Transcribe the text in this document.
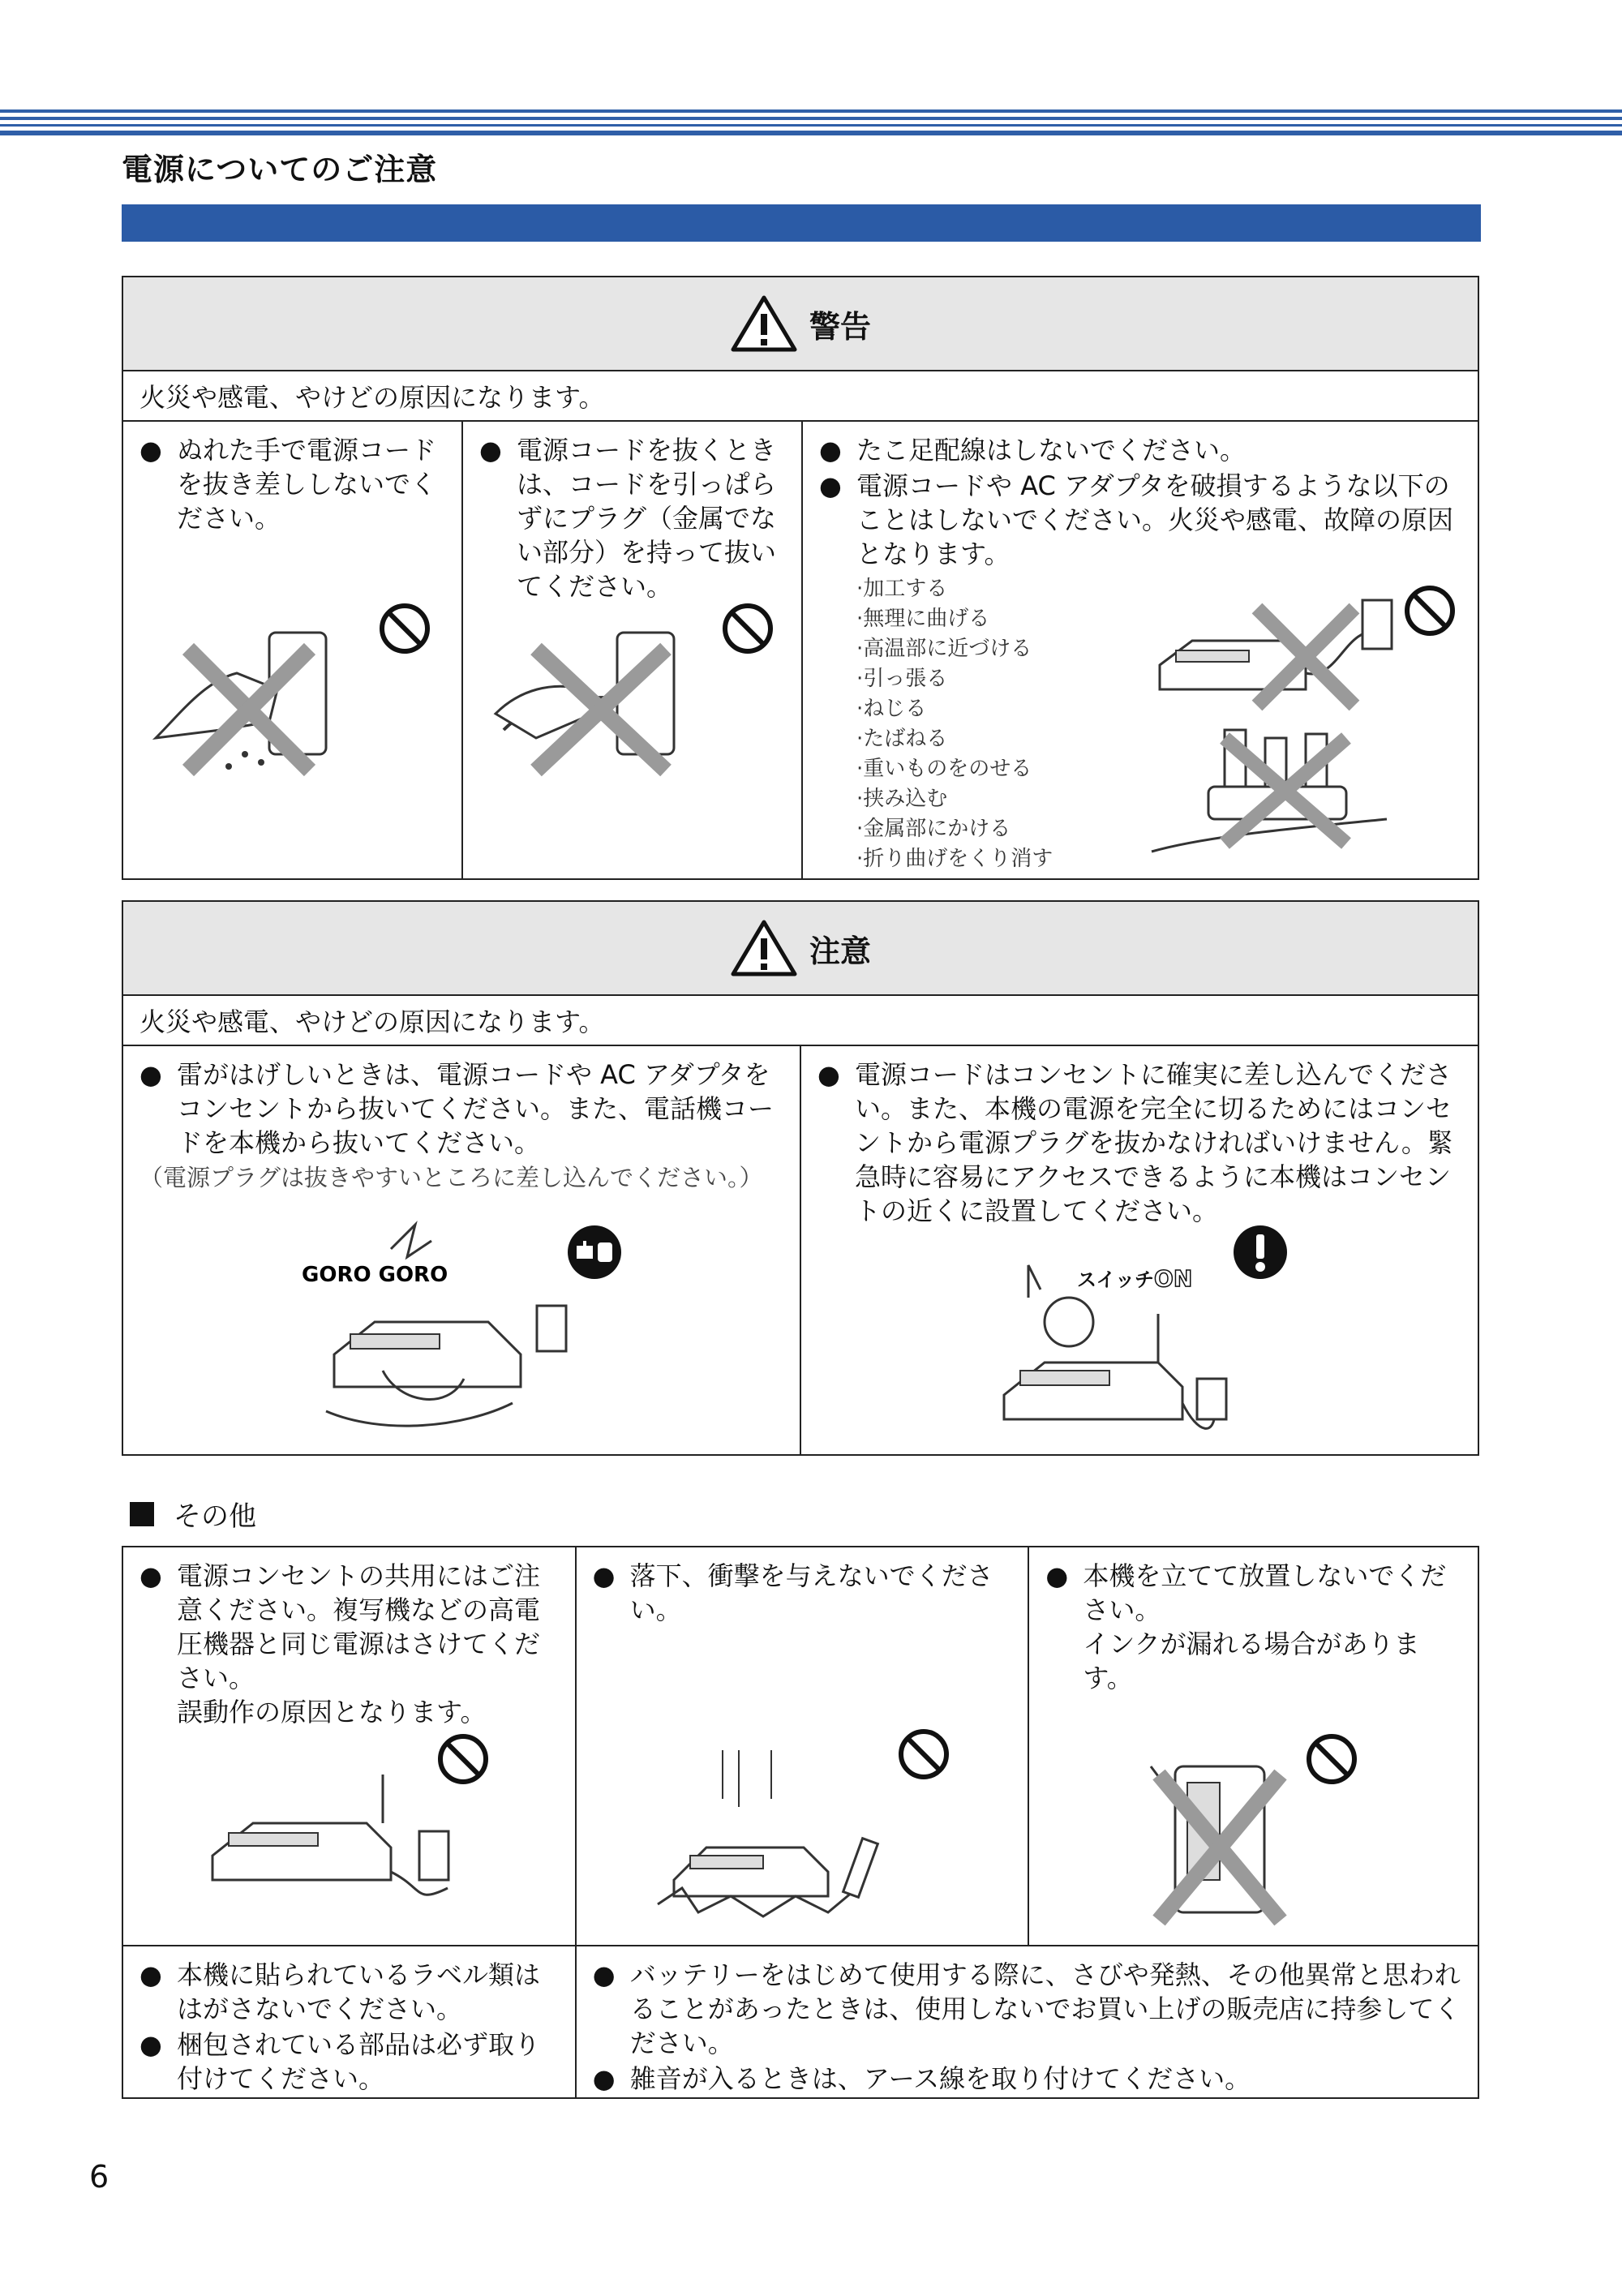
電源についてのご注意
警告
火災や感電、やけどの原因になります。
● ぬれた手で電源コードを抜き差ししないでください。
● 電源コードを抜くときは、コードを引っぱらずにプラグ（金属でない部分）を持って抜いてください。
● たこ足配線はしないでください。
● 電源コードや AC アダプタを破損するような以下のことはしないでください。火災や感電、故障の原因となります。
·加工する
·無理に曲げる
·高温部に近づける
·引っ張る
·ねじる
·たばねる
·重いものをのせる
·挟み込む
·金属部にかける
·折り曲げをくり消す
注意
火災や感電、やけどの原因になります。
● 雷がはげしいときは、電源コードや AC アダプタをコンセントから抜いてください。また、電話機コードを本機から抜いてください。
（電源プラグは抜きやすいところに差し込んでください。）
GORO GORO
● 電源コードはコンセントに確実に差し込んでください。また、本機の電源を完全に切るためにはコンセントから電源プラグを抜かなければいけません。緊急時に容易にアクセスできるように本機はコンセントの近くに設置してください。
スイッチON
その他
● 電源コンセントの共用にはご注意ください。複写機などの高電圧機器と同じ電源はさけてください。
誤動作の原因となります。
● 落下、衝撃を与えないでください。
● 本機を立てて放置しないでください。
インクが漏れる場合があります。
● 本機に貼られているラベル類ははがさないでください。
● 梱包されている部品は必ず取り付けてください。
● バッテリーをはじめて使用する際に、さびや発熱、その他異常と思われることがあったときは、使用しないでお買い上げの販売店に持参してください。
● 雑音が入るときは、アース線を取り付けてください。
6
